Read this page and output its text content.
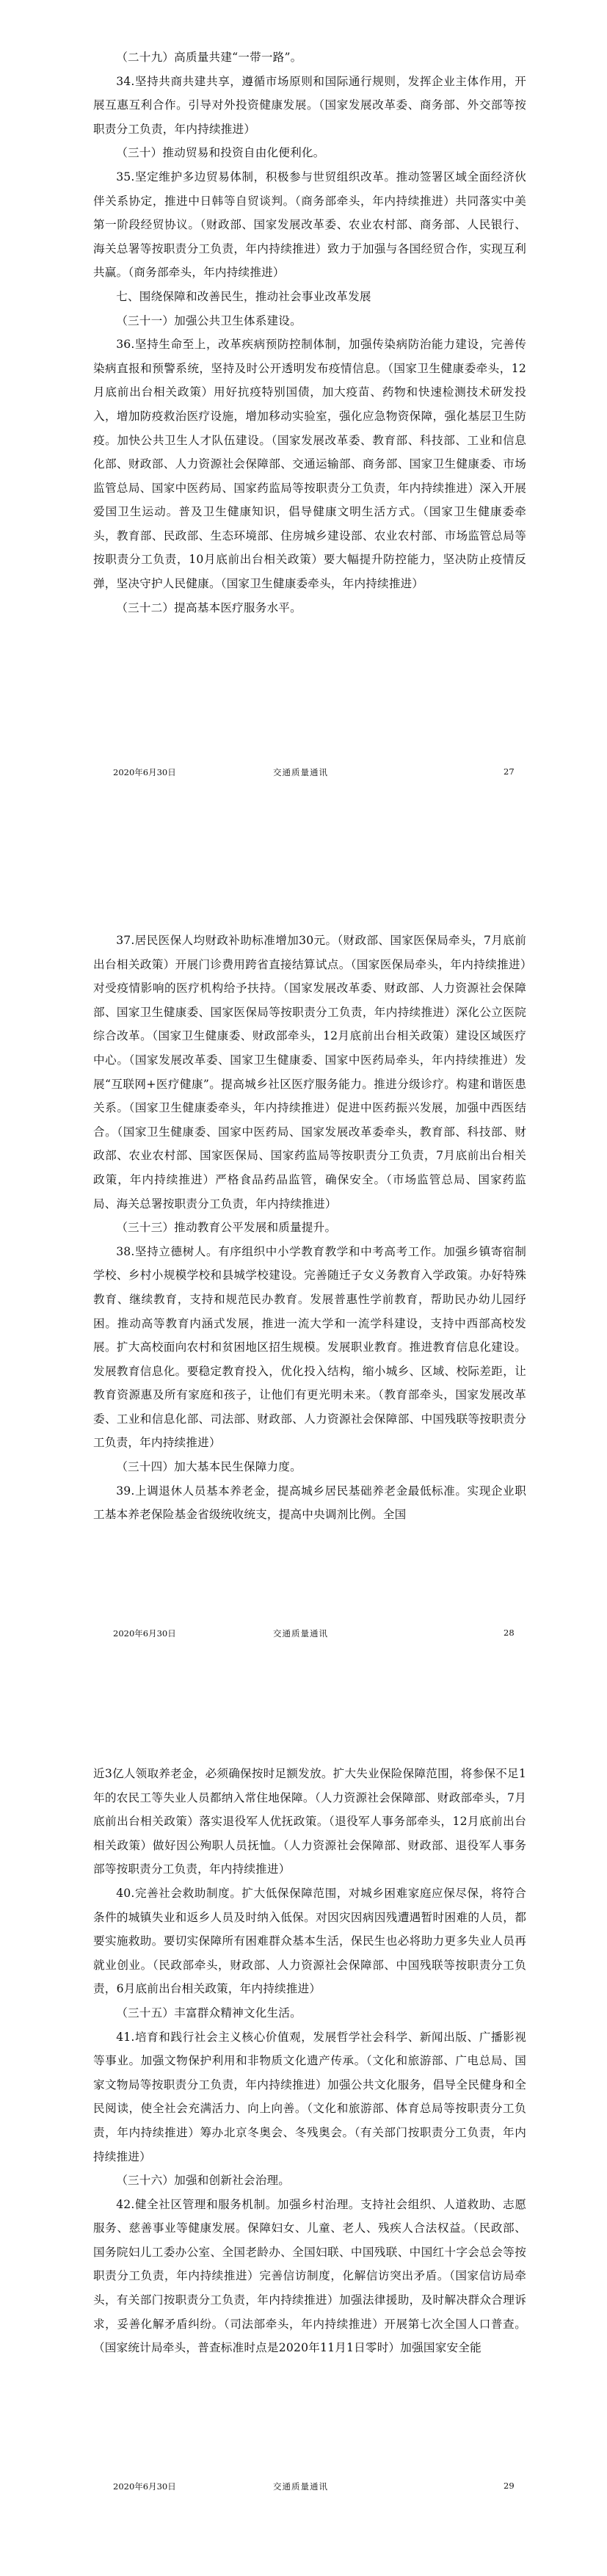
（二十九）高质量共建“一带一路”。

34.坚持共商共建共享，遵循市场原则和国际通行规则，发挥企业主体作用，开展互惠互利合作。引导对外投资健康发展。（国家发展改革委、商务部、外交部等按职责分工负责，年内持续推进）

（三十）推动贸易和投资自由化便利化。

35.坚定维护多边贸易体制，积极参与世贸组织改革。推动签署区域全面经济伙伴关系协定，推进中日韩等自贸谈判。（商务部牵头，年内持续推进）共同落实中美第一阶段经贸协议。（财政部、国家发展改革委、农业农村部、商务部、人民银行、海关总署等按职责分工负责，年内持续推进）致力于加强与各国经贸合作，实现互利共赢。（商务部牵头，年内持续推进）

七、围绕保障和改善民生，推动社会事业改革发展

（三十一）加强公共卫生体系建设。

36.坚持生命至上，改革疾病预防控制体制，加强传染病防治能力建设，完善传染病直报和预警系统，坚持及时公开透明发布疫情信息。（国家卫生健康委牵头，12月底前出台相关政策）用好抗疫特别国债，加大疫苗、药物和快速检测技术研发投入，增加防疫救治医疗设施，增加移动实验室，强化应急物资保障，强化基层卫生防疫。加快公共卫生人才队伍建设。（国家发展改革委、教育部、科技部、工业和信息化部、财政部、人力资源社会保障部、交通运输部、商务部、国家卫生健康委、市场监管总局、国家中医药局、国家药监局等按职责分工负责，年内持续推进）深入开展爱国卫生运动。普及卫生健康知识，倡导健康文明生活方式。（国家卫生健康委牵头，教育部、民政部、生态环境部、住房城乡建设部、农业农村部、市场监管总局等按职责分工负责，10月底前出台相关政策）要大幅提升防控能力，坚决防止疫情反弹，坚决守护人民健康。（国家卫生健康委牵头，年内持续推进）

（三十二）提高基本医疗服务水平。

2020年6月30日	交通质量通讯	27

37.居民医保人均财政补助标准增加30元。（财政部、国家医保局牵头，7月底前出台相关政策）开展门诊费用跨省直接结算试点。（国家医保局牵头，年内持续推进）对受疫情影响的医疗机构给予扶持。（国家发展改革委、财政部、人力资源社会保障部、国家卫生健康委、国家医保局等按职责分工负责，年内持续推进）深化公立医院综合改革。（国家卫生健康委、财政部牵头，12月底前出台相关政策）建设区域医疗中心。（国家发展改革委、国家卫生健康委、国家中医药局牵头，年内持续推进）发展“互联网+医疗健康”。提高城乡社区医疗服务能力。推进分级诊疗。构建和谐医患关系。（国家卫生健康委牵头，年内持续推进）促进中医药振兴发展，加强中西医结合。（国家卫生健康委、国家中医药局、国家发展改革委牵头，教育部、科技部、财政部、农业农村部、国家医保局、国家药监局等按职责分工负责，7月底前出台相关政策，年内持续推进）严格食品药品监管，确保安全。（市场监管总局、国家药监局、海关总署按职责分工负责，年内持续推进）

（三十三）推动教育公平发展和质量提升。

38.坚持立德树人。有序组织中小学教育教学和中考高考工作。加强乡镇寄宿制学校、乡村小规模学校和县城学校建设。完善随迁子女义务教育入学政策。办好特殊教育、继续教育，支持和规范民办教育。发展普惠性学前教育，帮助民办幼儿园纾困。推动高等教育内涵式发展，推进一流大学和一流学科建设，支持中西部高校发展。扩大高校面向农村和贫困地区招生规模。发展职业教育。推进教育信息化建设。发展教育信息化。要稳定教育投入，优化投入结构，缩小城乡、区域、校际差距，让教育资源惠及所有家庭和孩子，让他们有更光明未来。（教育部牵头，国家发展改革委、工业和信息化部、司法部、财政部、人力资源社会保障部、中国残联等按职责分工负责，年内持续推进）

（三十四）加大基本民生保障力度。

39.上调退休人员基本养老金，提高城乡居民基础养老金最低标准。实现企业职工基本养老保险基金省级统收统支，提高中央调剂比例。全国

2020年6月30日	交通质量通讯	28

近3亿人领取养老金，必须确保按时足额发放。扩大失业保险保障范围，将参保不足1年的农民工等失业人员都纳入常住地保障。（人力资源社会保障部、财政部牵头，7月底前出台相关政策）落实退役军人优抚政策。（退役军人事务部牵头，12月底前出台相关政策）做好因公殉职人员抚恤。（人力资源社会保障部、财政部、退役军人事务部等按职责分工负责，年内持续推进）

40.完善社会救助制度。扩大低保保障范围，对城乡困难家庭应保尽保，将符合条件的城镇失业和返乡人员及时纳入低保。对因灾因病因残遭遇暂时困难的人员，都要实施救助。要切实保障所有困难群众基本生活，保民生也必将助力更多失业人员再就业创业。（民政部牵头，财政部、人力资源社会保障部、中国残联等按职责分工负责，6月底前出台相关政策，年内持续推进）

（三十五）丰富群众精神文化生活。

41.培育和践行社会主义核心价值观，发展哲学社会科学、新闻出版、广播影视等事业。加强文物保护利用和非物质文化遗产传承。（文化和旅游部、广电总局、国家文物局等按职责分工负责，年内持续推进）加强公共文化服务，倡导全民健身和全民阅读，使全社会充满活力、向上向善。（文化和旅游部、体育总局等按职责分工负责，年内持续推进）筹办北京冬奥会、冬残奥会。（有关部门按职责分工负责，年内持续推进）

（三十六）加强和创新社会治理。

42.健全社区管理和服务机制。加强乡村治理。支持社会组织、人道救助、志愿服务、慈善事业等健康发展。保障妇女、儿童、老人、残疾人合法权益。（民政部、国务院妇儿工委办公室、全国老龄办、全国妇联、中国残联、中国红十字会总会等按职责分工负责，年内持续推进）完善信访制度，化解信访突出矛盾。（国家信访局牵头，有关部门按职责分工负责，年内持续推进）加强法律援助，及时解决群众合理诉求，妥善化解矛盾纠纷。（司法部牵头，年内持续推进）开展第七次全国人口普查。（国家统计局牵头，普查标准时点是2020年11月1日零时）加强国家安全能

2020年6月30日	交通质量通讯	29
